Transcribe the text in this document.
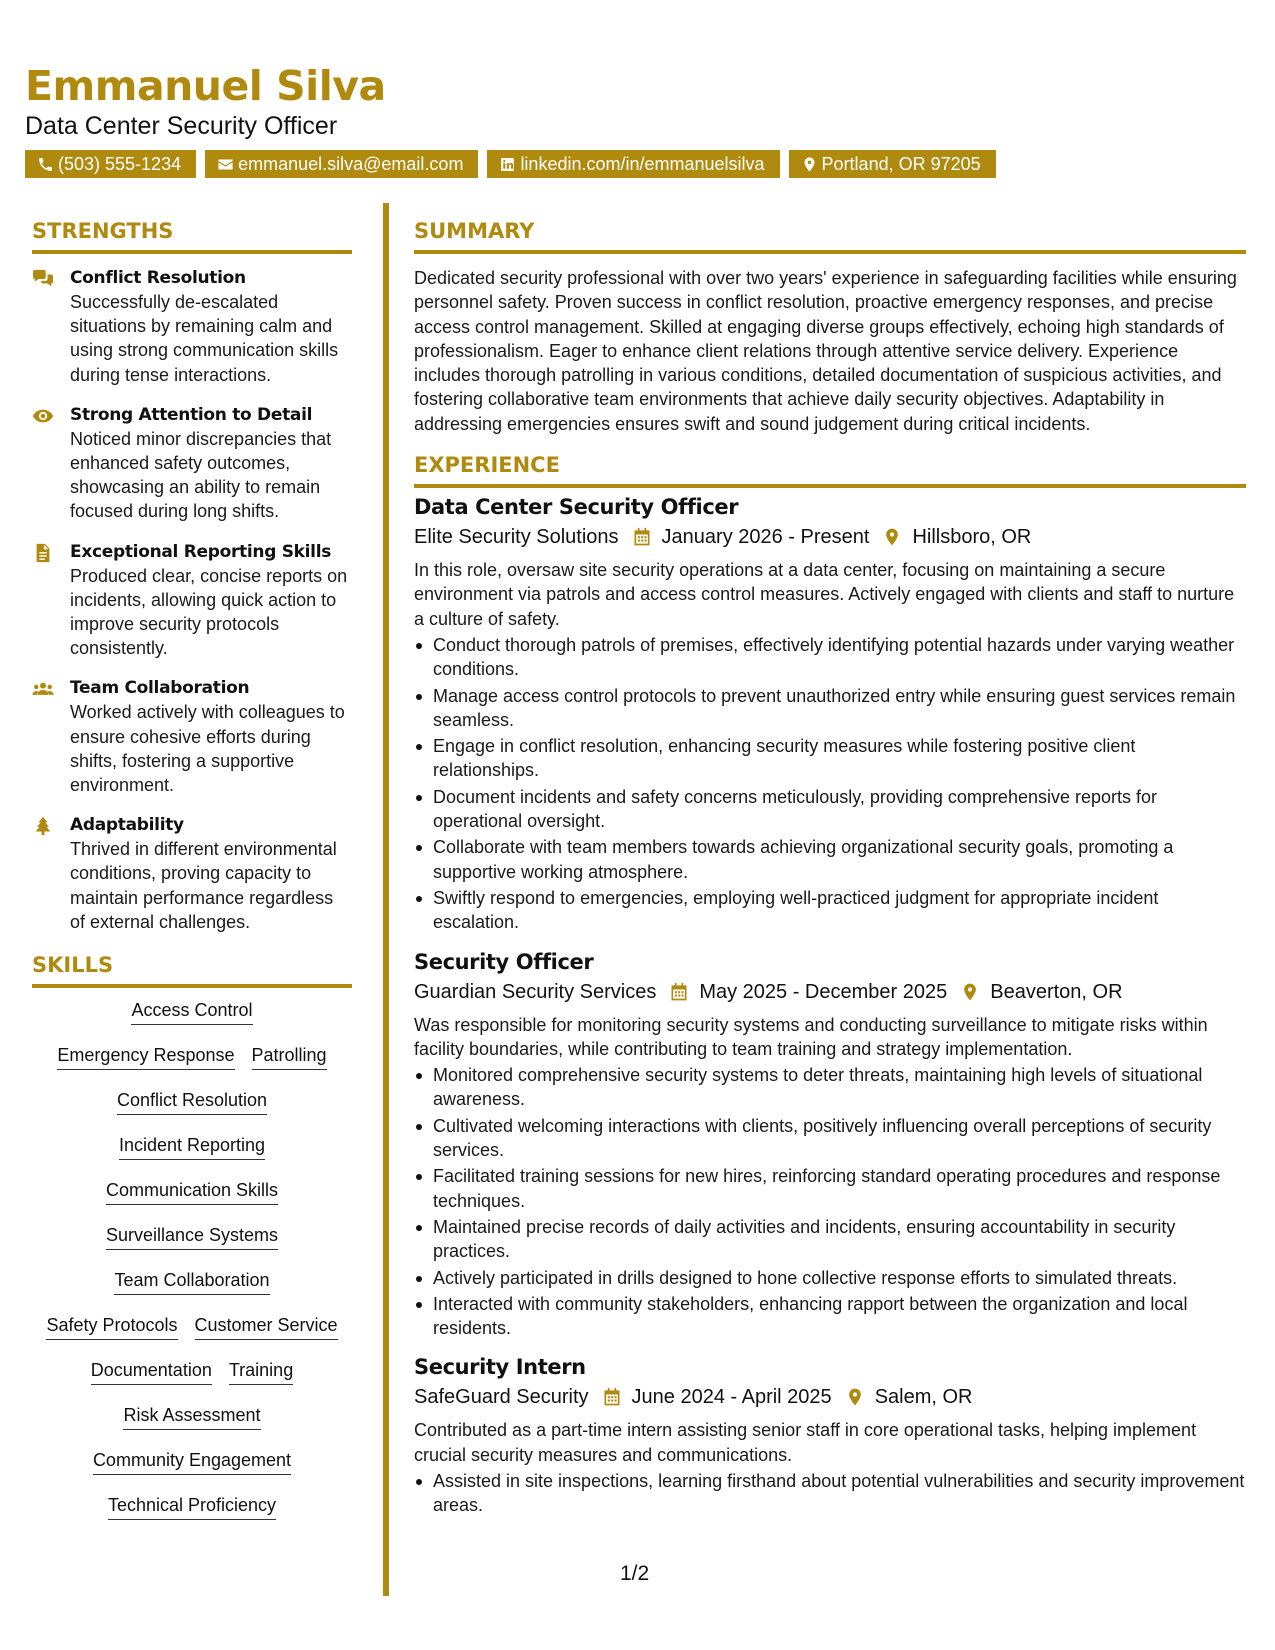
Emmanuel Silva
Data Center Security Officer
(503) 555-1234	emmanuel.silva@email.com	linkedin.com/in/emmanuelsilva	Portland, OR 97205
STRENGTHS
Conflict Resolution
Successfully de-escalated situations by remaining calm and using strong communication skills during tense interactions.
Strong Attention to Detail
Noticed minor discrepancies that enhanced safety outcomes, showcasing an ability to remain focused during long shifts.
Exceptional Reporting Skills
Produced clear, concise reports on incidents, allowing quick action to improve security protocols consistently.
Team Collaboration
Worked actively with colleagues to ensure cohesive efforts during shifts, fostering a supportive environment.
Adaptability
Thrived in different environmental conditions, proving capacity to maintain performance regardless of external challenges.
SKILLS
Access Control
Emergency Response Patrolling
Conflict Resolution
Incident Reporting
Communication Skills
Surveillance Systems
Team Collaboration
Safety Protocols Customer Service
Documentation Training
Risk Assessment
Community Engagement
Technical Proficiency
SUMMARY
Dedicated security professional with over two years' experience in safeguarding facilities while ensuring personnel safety. Proven success in conflict resolution, proactive emergency responses, and precise access control management. Skilled at engaging diverse groups effectively, echoing high standards of professionalism. Eager to enhance client relations through attentive service delivery. Experience includes thorough patrolling in various conditions, detailed documentation of suspicious activities, and fostering collaborative team environments that achieve daily security objectives. Adaptability in addressing emergencies ensures swift and sound judgement during critical incidents.
EXPERIENCE
Data Center Security Officer
Elite Security Solutions January 2026 - Present Hillsboro, OR
In this role, oversaw site security operations at a data center, focusing on maintaining a secure environment via patrols and access control measures. Actively engaged with clients and staff to nurture a culture of safety.
Conduct thorough patrols of premises, effectively identifying potential hazards under varying weather conditions.
Manage access control protocols to prevent unauthorized entry while ensuring guest services remain seamless.
Engage in conflict resolution, enhancing security measures while fostering positive client relationships.
Document incidents and safety concerns meticulously, providing comprehensive reports for operational oversight.
Collaborate with team members towards achieving organizational security goals, promoting a supportive working atmosphere.
Swiftly respond to emergencies, employing well-practiced judgment for appropriate incident escalation.
Security Officer
Guardian Security Services May 2025 - December 2025 Beaverton, OR
Was responsible for monitoring security systems and conducting surveillance to mitigate risks within facility boundaries, while contributing to team training and strategy implementation.
Monitored comprehensive security systems to deter threats, maintaining high levels of situational awareness.
Cultivated welcoming interactions with clients, positively influencing overall perceptions of security services.
Facilitated training sessions for new hires, reinforcing standard operating procedures and response techniques.
Maintained precise records of daily activities and incidents, ensuring accountability in security practices.
Actively participated in drills designed to hone collective response efforts to simulated threats.
Interacted with community stakeholders, enhancing rapport between the organization and local residents.
Security Intern
SafeGuard Security June 2024 - April 2025 Salem, OR
Contributed as a part-time intern assisting senior staff in core operational tasks, helping implement crucial security measures and communications.
Assisted in site inspections, learning firsthand about potential vulnerabilities and security improvement areas.
1/2
